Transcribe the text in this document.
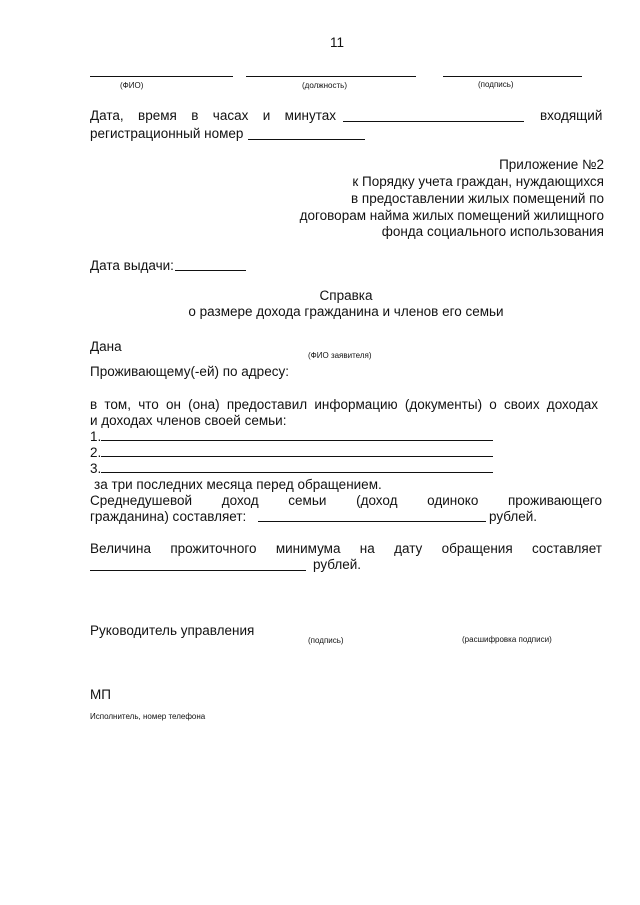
11
(ФИО)	(должность)	(подпись)
Дата, время в часах и минутах	входящий
регистрационный номер
Приложение №2
к Порядку учета граждан, нуждающихся
в предоставлении жилых помещений по
договорам найма жилых помещений жилищного
фонда социального использования
Дата выдачи:
Справка
о размере дохода гражданина и членов его семьи
Дана
(ФИО заявителя)
Проживающему(-ей) по адресу:
в том, что он (она) предоставил информацию (документы) о своих доходах
и доходах членов своей семьи:
1.
2.
3.
за три последних месяца перед обращением.
Среднедушевой доход семьи (доход одиноко проживающего
гражданина) составляет:	рублей.
Величина прожиточного минимума на дату обращения составляет
рублей.
Руководитель управления
(подпись)	(расшифровка подписи)
МП
Исполнитель, номер телефона
